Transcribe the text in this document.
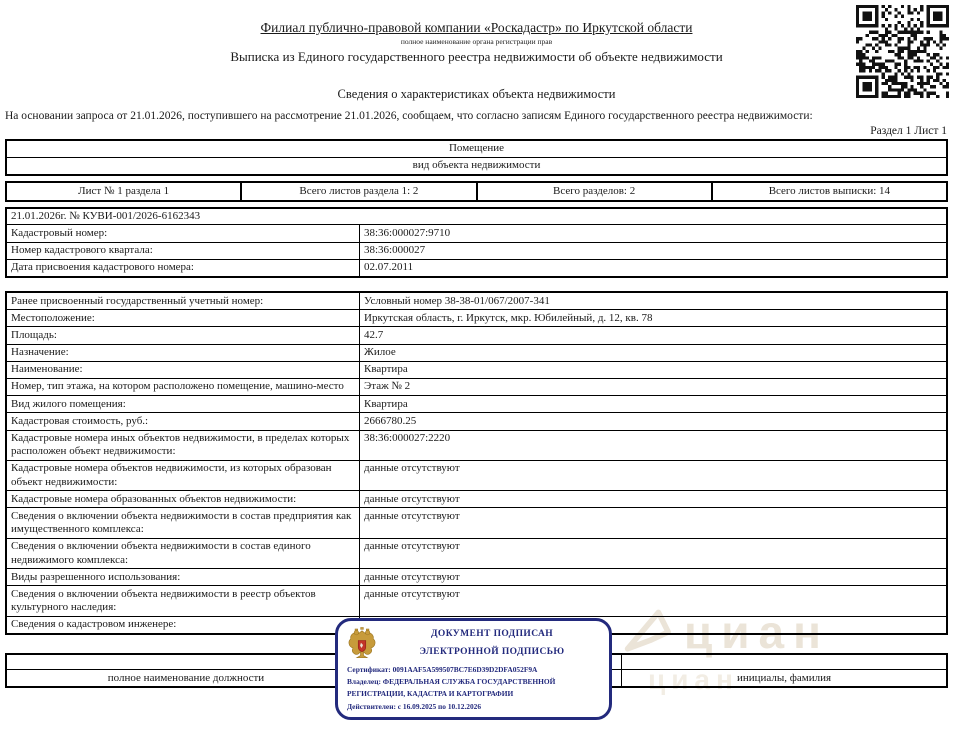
циан
циан
Филиал публично-правовой компании «Роскадастр» по Иркутской области
полное наименование органа регистрации прав
Выписка из Единого государственного реестра недвижимости об объекте недвижимости
Сведения о характеристиках объекта недвижимости
На основании запроса от 21.01.2026, поступившего на рассмотрение 21.01.2026, сообщаем, что согласно записям Единого государственного реестра недвижимости:
Раздел 1 Лист 1
Помещение
вид объекта недвижимости
Лист № 1 раздела 1	Всего листов раздела 1: 2	Всего разделов: 2	Всего листов выписки: 14
21.01.2026г. № КУВИ-001/2026-6162343
Кадастровый номер:	38:36:000027:9710
Номер кадастрового квартала:	38:36:000027
Дата присвоения кадастрового номера:	02.07.2011
Ранее присвоенный государственный учетный номер:	Условный номер 38-38-01/067/2007-341
Местоположение:	Иркутская область, г. Иркутск, мкр. Юбилейный, д. 12, кв. 78
Площадь:	42.7
Назначение:	Жилое
Наименование:	Квартира
Номер, тип этажа, на котором расположено помещение, машино-место	Этаж № 2
Вид жилого помещения:	Квартира
Кадастровая стоимость, руб.:	2666780.25
Кадастровые номера иных объектов недвижимости, в пределах которых расположен объект недвижимости:
38:36:000027:2220
Кадастровые номера объектов недвижимости, из которых образован объект недвижимости:
данные отсутствуют
Кадастровые номера образованных объектов недвижимости:	данные отсутствуют
Сведения о включении объекта недвижимости в состав предприятия как имущественного комплекса:
данные отсутствуют
Сведения о включении объекта недвижимости в состав единого недвижимого комплекса:
данные отсутствуют
Виды разрешенного использования:	данные отсутствуют
Сведения о включении объекта недвижимости в реестр объектов культурного наследия:
данные отсутствуют
Сведения о кадастровом инженере:
полное наименование должности	инициалы, фамилия
ДОКУМЕНТ ПОДПИСАН
ЭЛЕКТРОННОЙ ПОДПИСЬЮ
Сертификат: 0091AAF5A599507BC7E6D39D2DFA052F9A
Владелец: ФЕДЕРАЛЬНАЯ СЛУЖБА ГОСУДАРСТВЕННОЙ РЕГИСТРАЦИИ, КАДАСТРА И КАРТОГРАФИИ
Действителен: с 16.09.2025 по 10.12.2026
